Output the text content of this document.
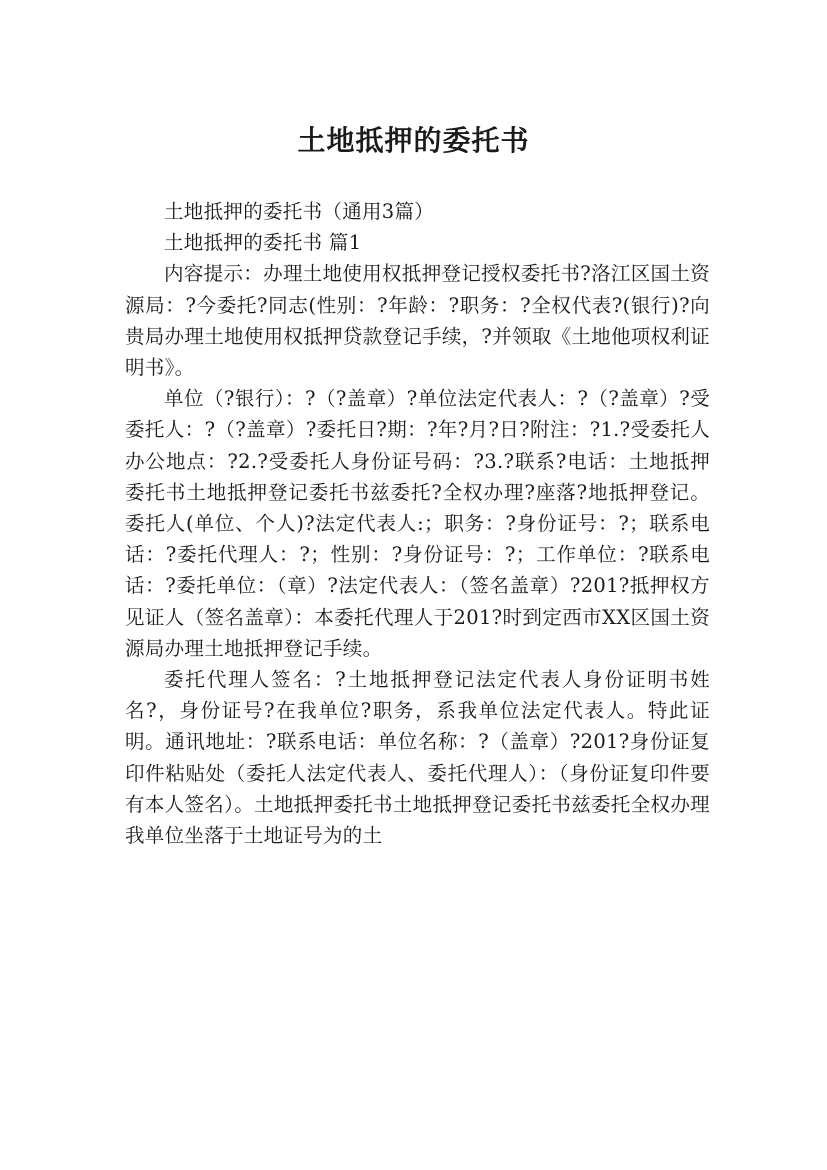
土地抵押的委托书

土地抵押的委托书（通用3篇）

土地抵押的委托书 篇1

内容提示：办理土地使用权抵押登记授权委托书?洛江区国土资源局：?今委托?同志(性别：?年龄：?职务：?全权代表?(银行)?向贵局办理土地使用权抵押贷款登记手续，?并领取《土地他项权利证明书》。

单位（?银行）：?（?盖章）?单位法定代表人：?（?盖章）?受委托人：?（?盖章）?委托日?期：?年?月?日?附注：?1.?受委托人办公地点：?2.?受委托人身份证号码：?3.?联系?电话：土地抵押委托书土地抵押登记委托书兹委托?全权办理?座落?地抵押登记。委托人(单位、个人)?法定代表人:；职务：?身份证号：?；联系电话：?委托代理人：?；性别：?身份证号：?；工作单位：?联系电话：?委托单位：（章）?法定代表人：（签名盖章）?201?抵押权方见证人（签名盖章）：本委托代理人于201?时到定西市XX区国土资源局办理土地抵押登记手续。

委托代理人签名：?土地抵押登记法定代表人身份证明书姓名?，身份证号?在我单位?职务，系我单位法定代表人。特此证明。通讯地址：?联系电话：单位名称：?（盖章）?201?身份证复印件粘贴处（委托人法定代表人、委托代理人）：（身份证复印件要有本人签名）。土地抵押委托书土地抵押登记委托书兹委托全权办理我单位坐落于土地证号为的土
